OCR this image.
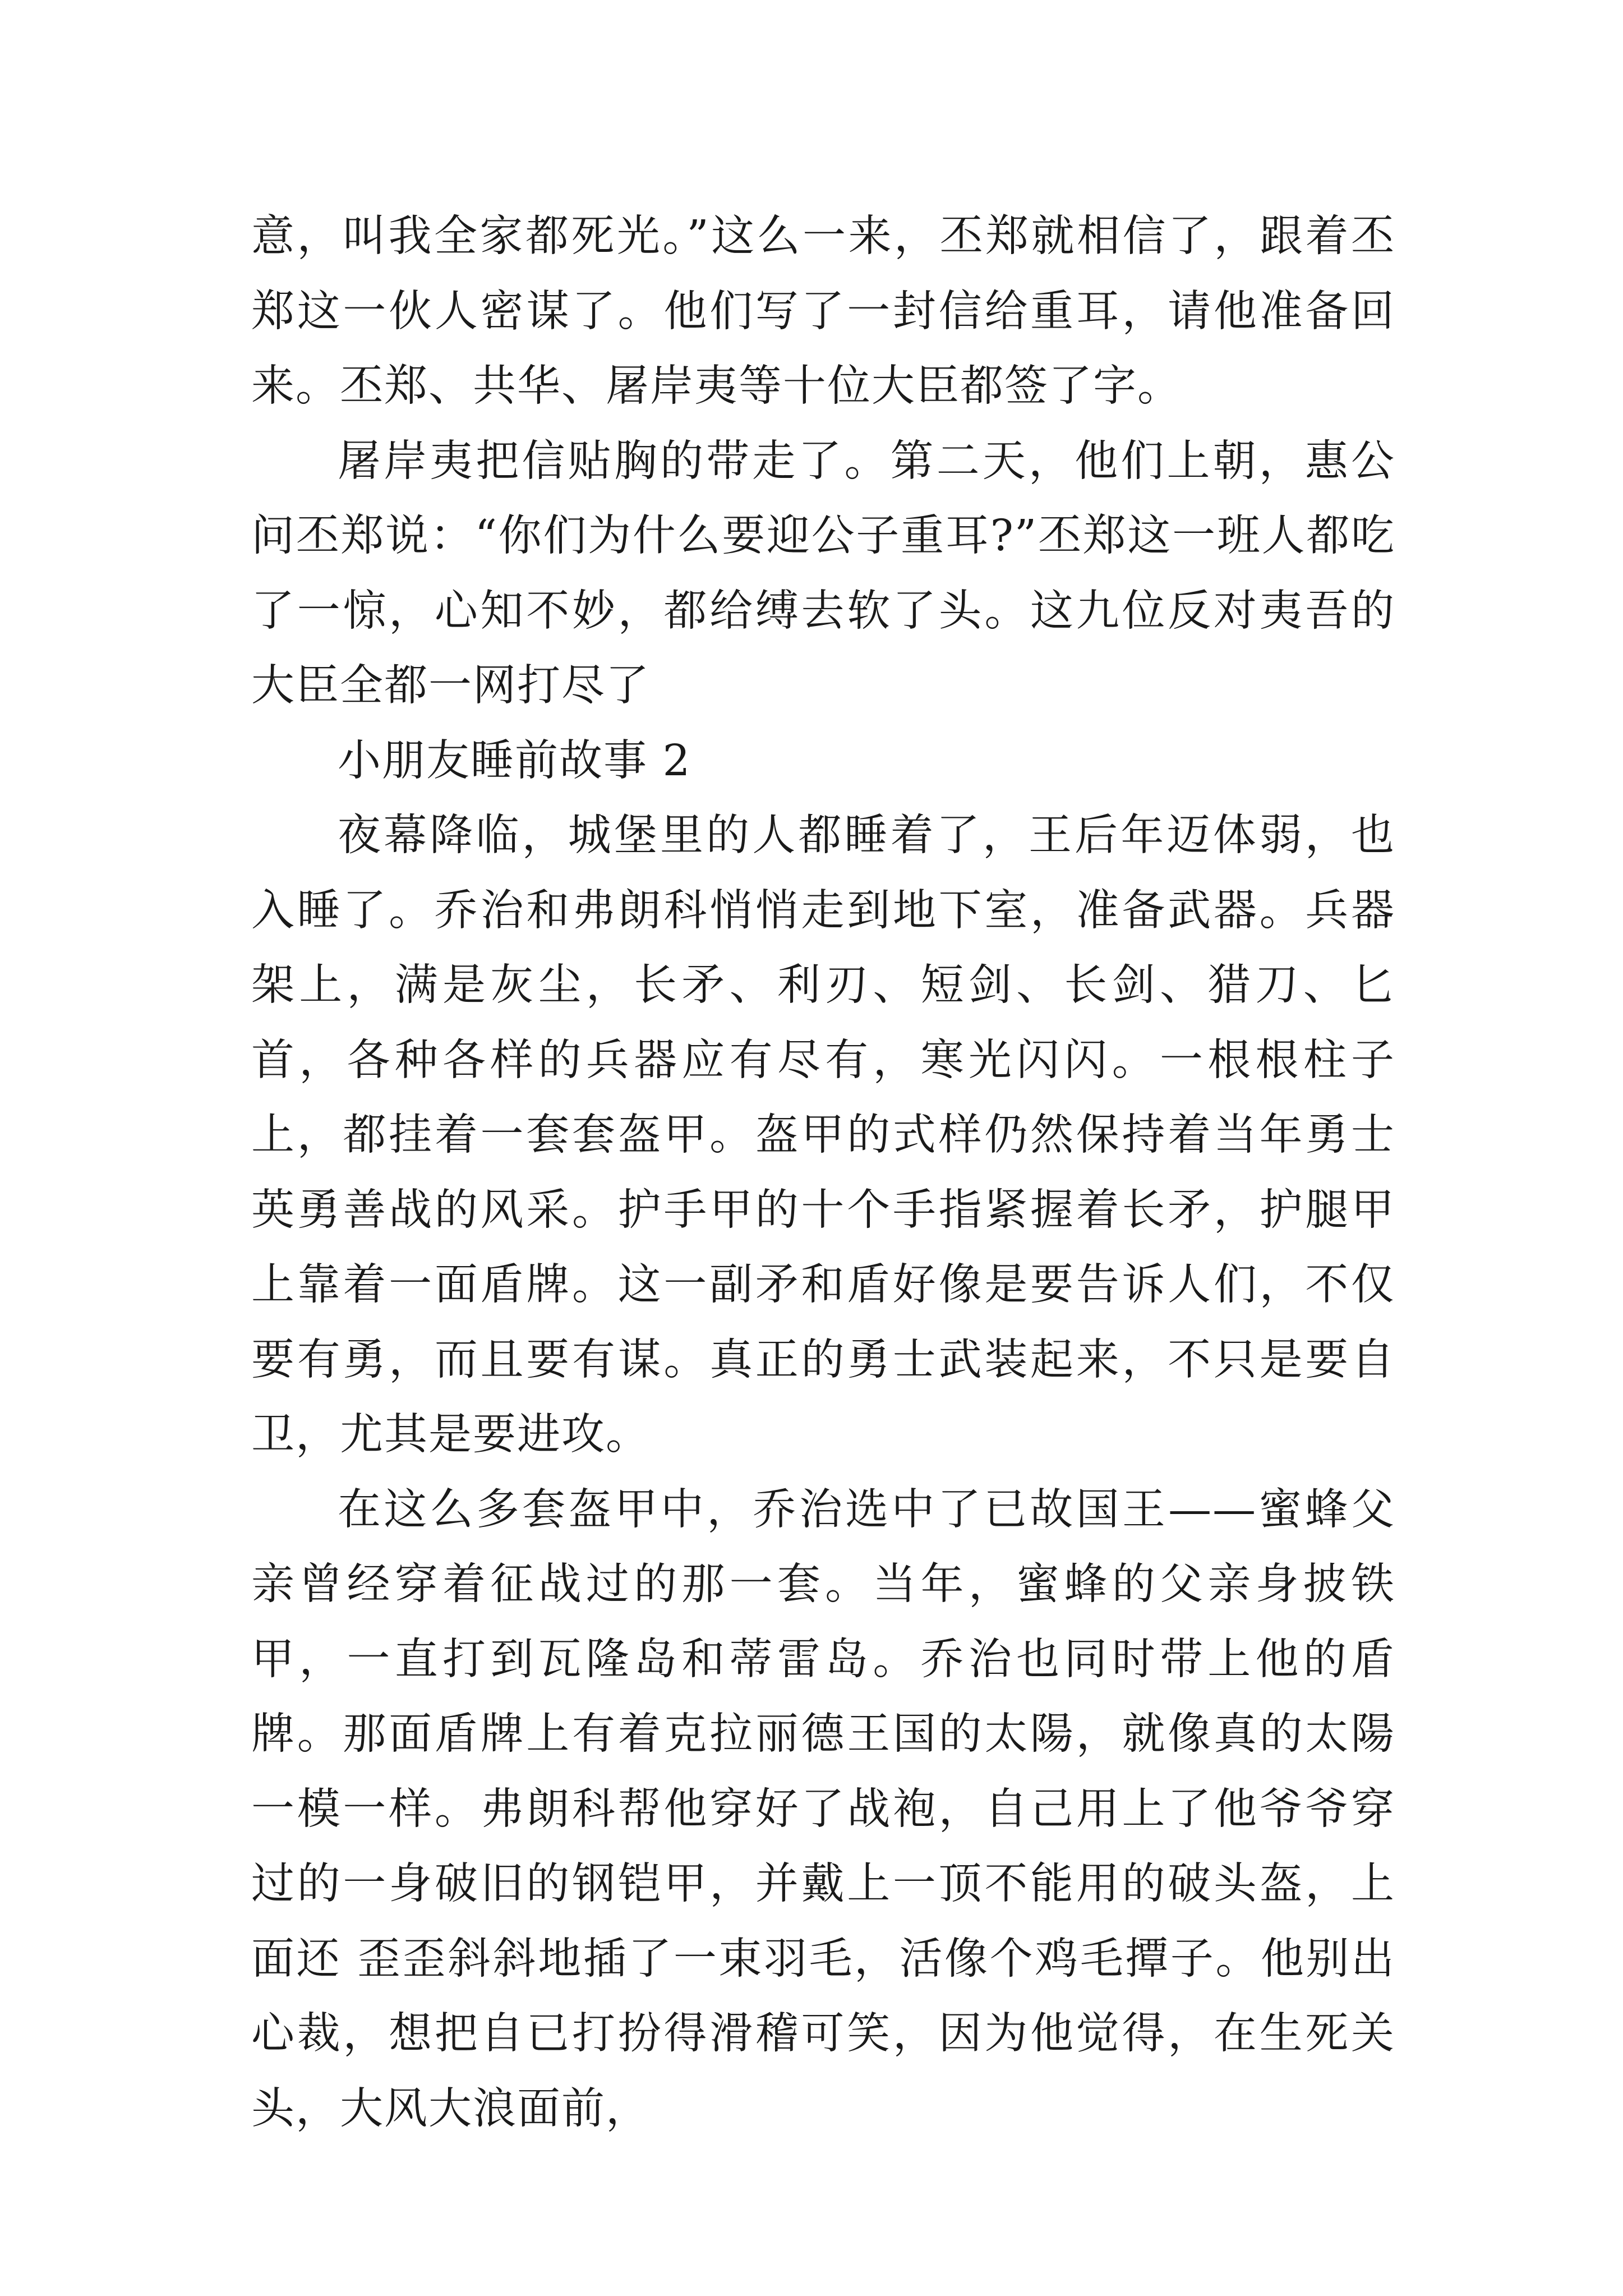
意，叫我全家都死光。”这么一来，丕郑就相信了，跟着丕郑这一伙人密谋了。他们写了一封信给重耳，请他准备回来。丕郑、共华、屠岸夷等十位大臣都签了字。

屠岸夷把信贴胸的带走了。第二天，他们上朝，惠公问丕郑说：“你们为什么要迎公子重耳?”丕郑这一班人都吃了一惊，心知不妙，都给缚去软了头。这九位反对夷吾的大臣全都一网打尽了

小朋友睡前故事 2

夜幕降临，城堡里的人都睡着了，王后年迈体弱，也入睡了。乔治和弗朗科悄悄走到地下室，准备武器。兵器架上，满是灰尘，长矛、利刃、短剑、长剑、猎刀、匕首，各种各样的兵器应有尽有，寒光闪闪。一根根柱子上，都挂着一套套盔甲。盔甲的式样仍然保持着当年勇士英勇善战的风采。护手甲的十个手指紧握着长矛，护腿甲上靠着一面盾牌。这一副矛和盾好像是要告诉人们，不仅要有勇，而且要有谋。真正的勇士武装起来，不只是要自卫，尤其是要进攻。

在这么多套盔甲中，乔治选中了已故国王——蜜蜂父亲曾经穿着征战过的那一套。当年，蜜蜂的父亲身披铁甲，一直打到瓦隆岛和蒂雷岛。乔治也同时带上他的盾牌。那面盾牌上有着克拉丽德王国的太陽，就像真的太陽一模一样。弗朗科帮他穿好了战袍，自己用上了他爷爷穿过的一身破旧的钢铠甲，并戴上一顶不能用的破头盔，上面还 歪歪斜斜地插了一束羽毛，活像个鸡毛撢子。他别出心裁，想把自已打扮得滑稽可笑，因为他觉得，在生死关头，大风大浪面前，
